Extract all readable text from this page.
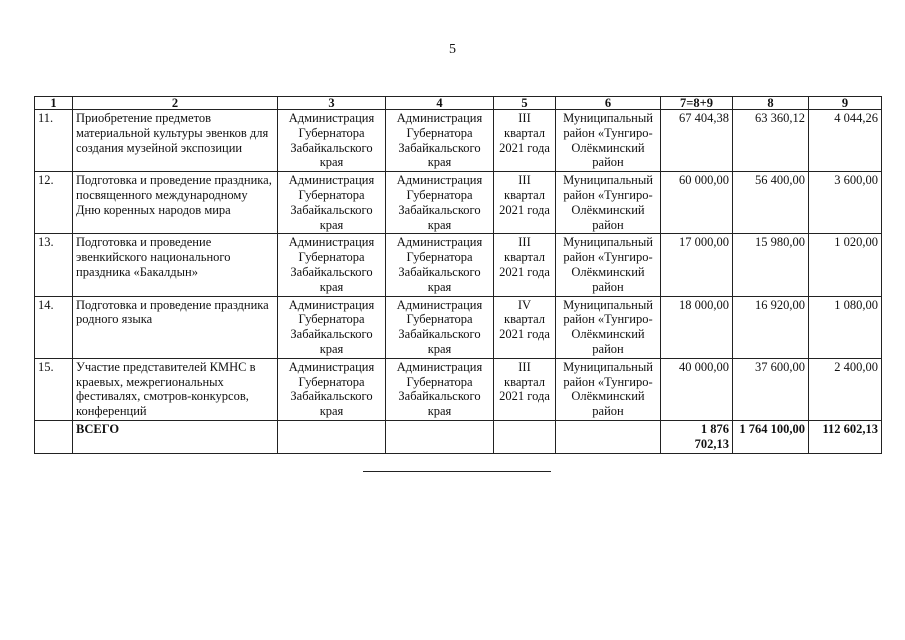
5
1	2	3	4	5	6	7=8+9	8	9
11.	Приобретение предметов материальной культуры эвенков для создания музейной экспозиции	Администрация Губернатора Забайкальского края	Администрация Губернатора Забайкальского края	III квартал 2021 года	Муниципальный район «Тунгиро-Олёкминский район	67 404,38	63 360,12	4 044,26
12.	Подготовка и проведение праздника, посвященного международному Дню коренных народов мира	Администрация Губернатора Забайкальского края	Администрация Губернатора Забайкальского края	III квартал 2021 года	Муниципальный район «Тунгиро-Олёкминский район	60 000,00	56 400,00	3 600,00
13.	Подготовка и проведение эвенкийского национального праздника «Бакалдын»	Администрация Губернатора Забайкальского края	Администрация Губернатора Забайкальского края	III квартал 2021 года	Муниципальный район «Тунгиро-Олёкминский район	17 000,00	15 980,00	1 020,00
14.	Подготовка и проведение праздника родного языка	Администрация Губернатора Забайкальского края	Администрация Губернатора Забайкальского края	IV квартал 2021 года	Муниципальный район «Тунгиро-Олёкминский район	18 000,00	16 920,00	1 080,00
15.	Участие представителей КМНС в краевых, межрегиональных фестивалях, смотров-конкурсов, конференций	Администрация Губернатора Забайкальского края	Администрация Губернатора Забайкальского края	III квартал 2021 года	Муниципальный район «Тунгиро-Олёкминский район	40 000,00	37 600,00	2 400,00
	ВСЕГО					1 876 702,13	1 764 100,00	112 602,13
